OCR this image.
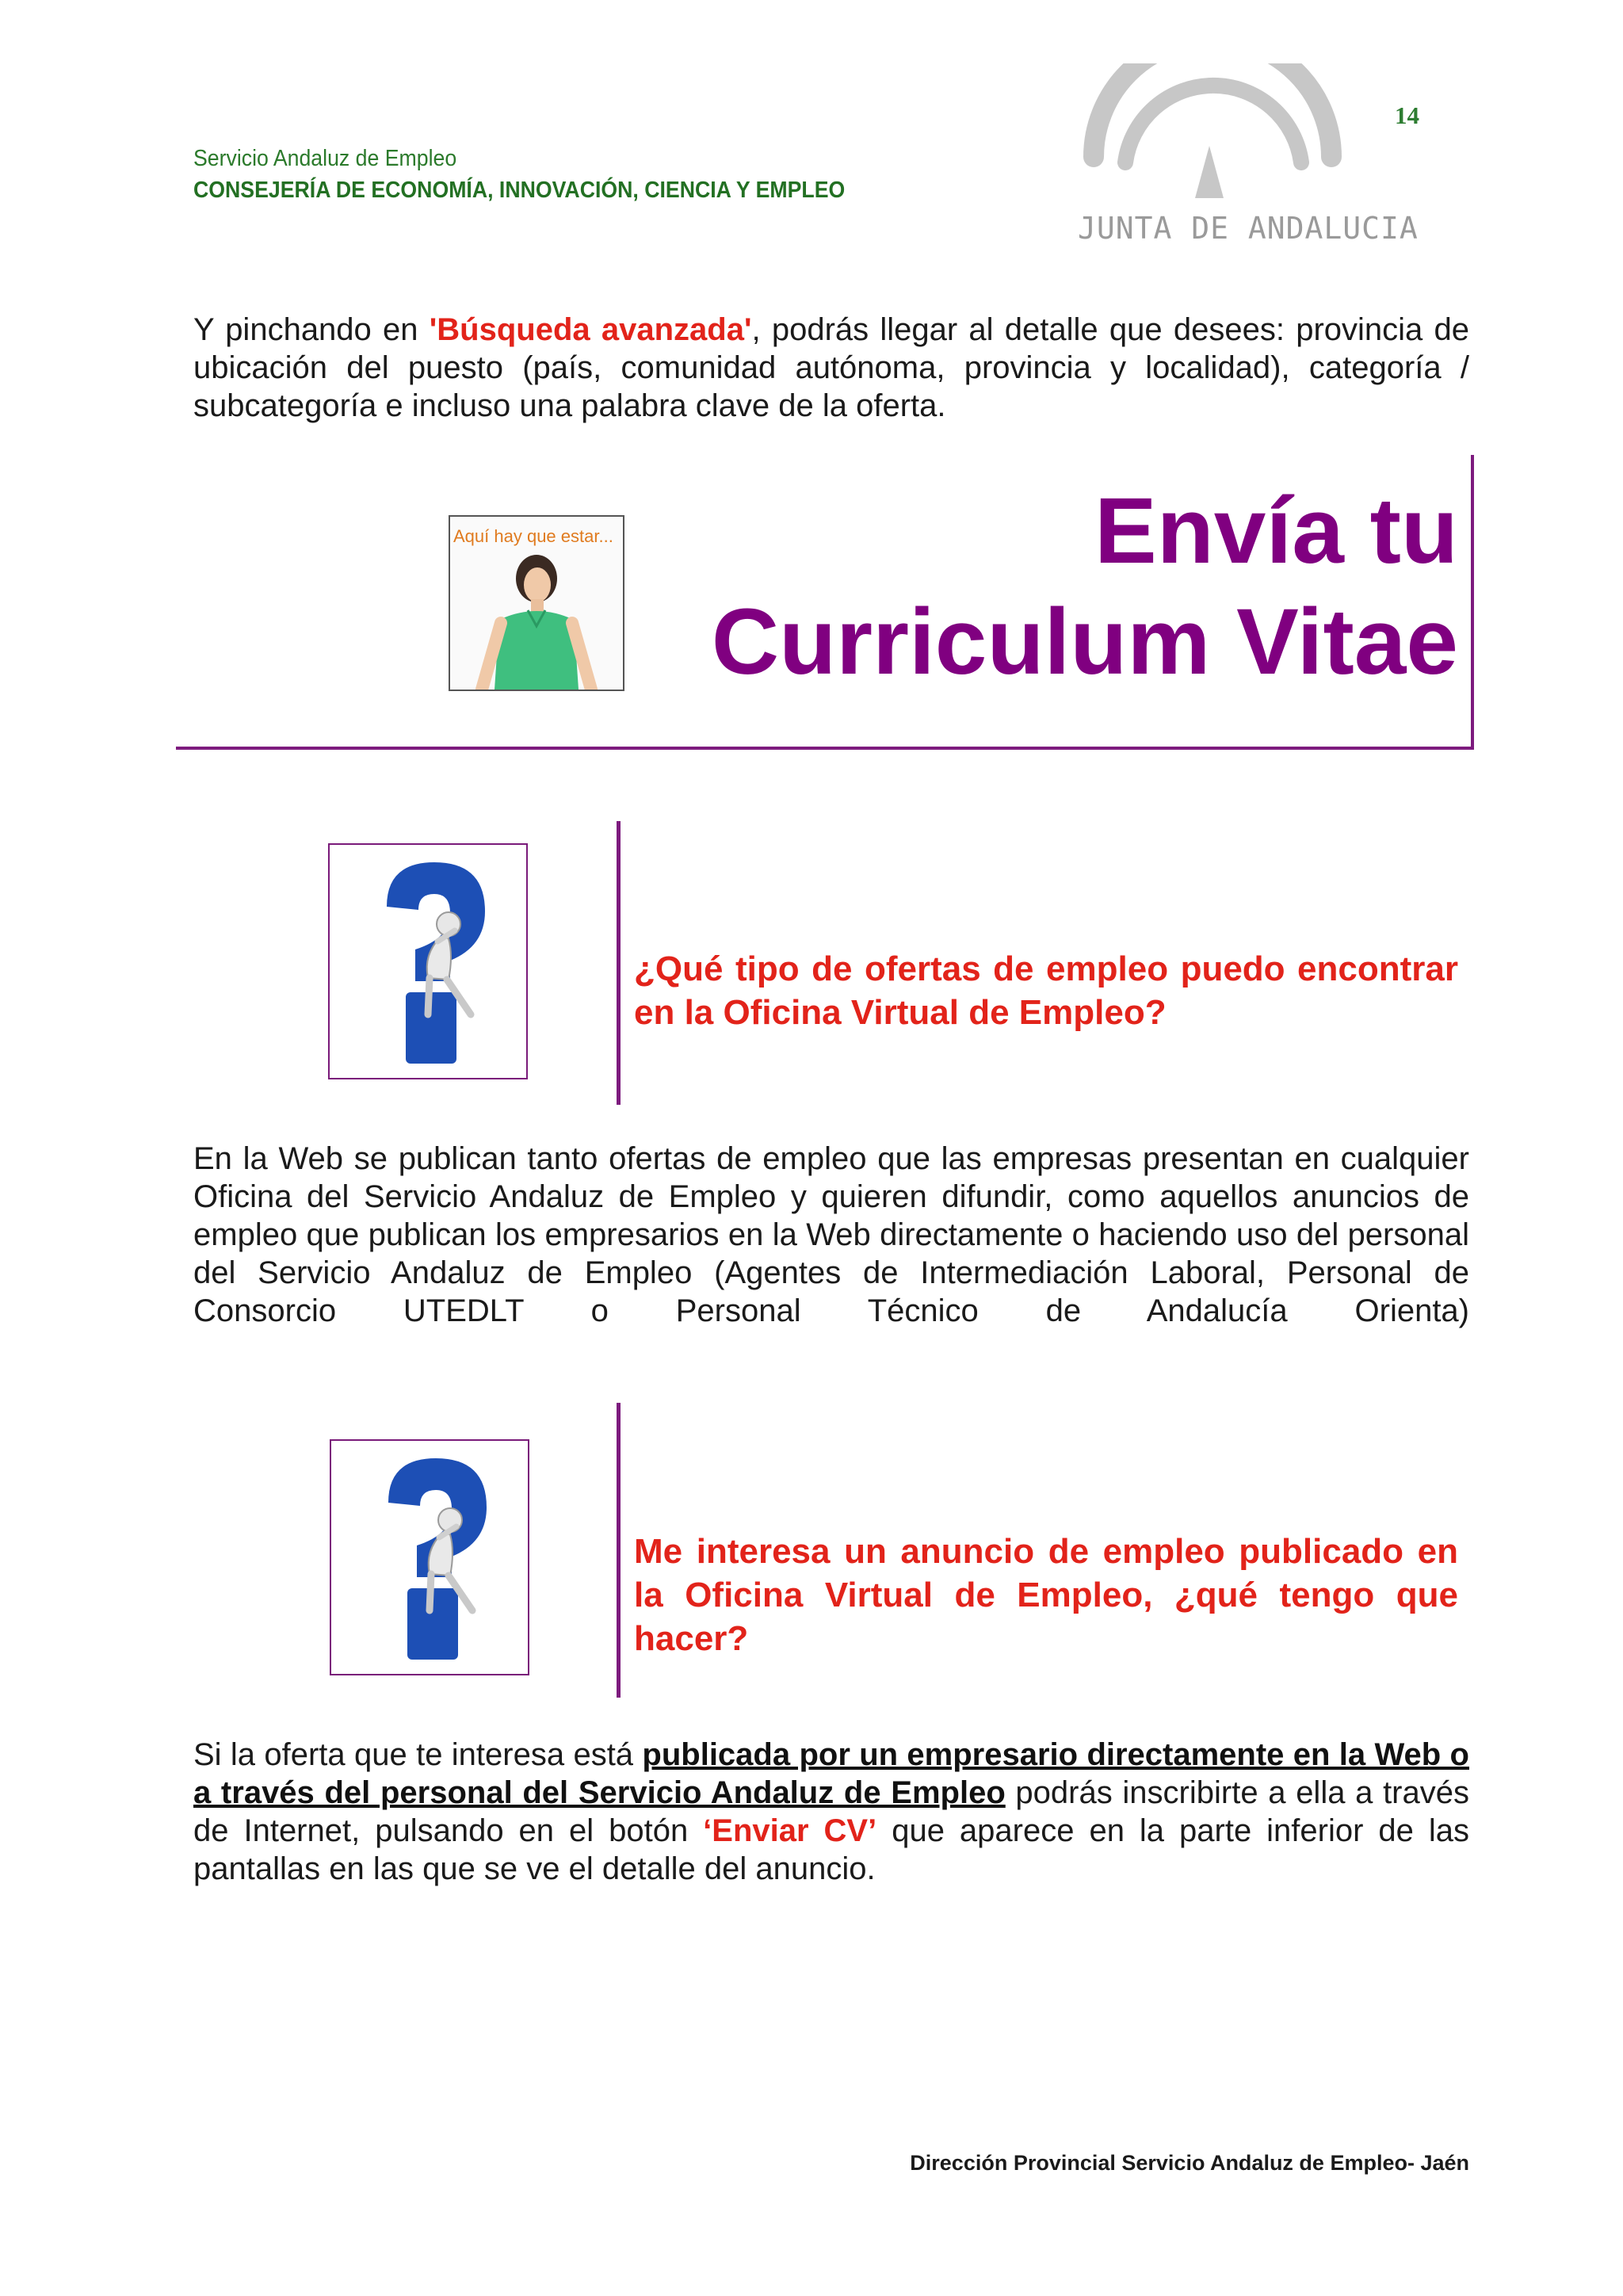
14
Servicio Andaluz de Empleo
CONSEJERÍA DE ECONOMÍA, INNOVACIÓN, CIENCIA Y EMPLEO
JUNTA DE ANDALUCIA
Y pinchando en 'Búsqueda avanzada', podrás llegar al detalle que desees: provincia de ubicación del puesto (país, comunidad autónoma, provincia y localidad), categoría / subcategoría e incluso una palabra clave de la oferta.
Aquí hay que estar...	Envía tu
Curriculum Vitae
¿Qué tipo de ofertas de empleo puedo encontrar en la Oficina Virtual de Empleo?
En la Web se publican tanto ofertas de empleo que las empresas presentan en cualquier Oficina del Servicio Andaluz de Empleo y quieren difundir, como aquellos anuncios de empleo que publican los empresarios en la Web directamente o haciendo uso del personal del Servicio Andaluz de Empleo (Agentes de Intermediación Laboral, Personal de Consorcio UTEDLT o Personal Técnico de Andalucía Orienta)
Me interesa un anuncio de empleo publicado en la Oficina Virtual de Empleo, ¿qué tengo que hacer?
Si la oferta que te interesa está publicada por un empresario directamente en la Web o a través del personal del Servicio Andaluz de Empleo podrás inscribirte a ella a través de Internet, pulsando en el botón ‘Enviar CV’ que aparece en la parte inferior de las pantallas en las que se ve el detalle del anuncio.
Dirección Provincial Servicio Andaluz de Empleo- Jaén
